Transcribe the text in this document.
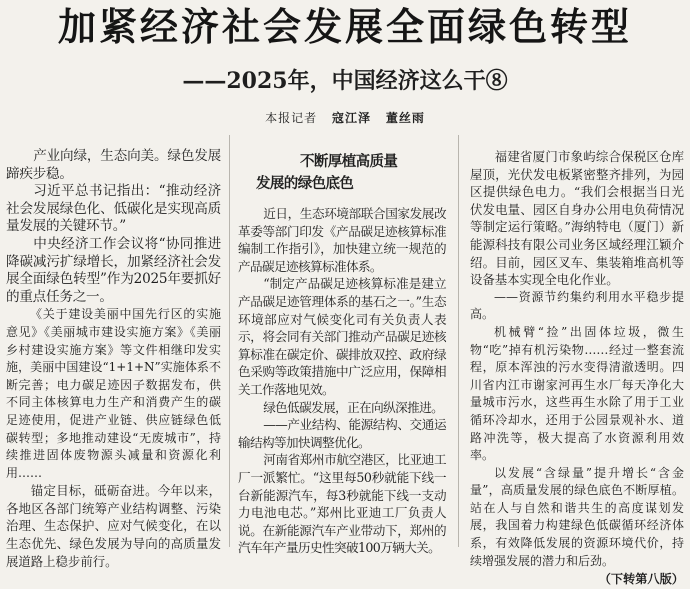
加紧经济社会发展全面绿色转型
——2025年，中国经济这么干⑧
本报记者 寇江泽 董丝雨

产业向绿，生态向美。绿色发展蹄疾步稳。

习近平总书记指出：“推动经济社会发展绿色化、低碳化是实现高质量发展的关键环节。”

中央经济工作会议将“协同推进降碳减污扩绿增长，加紧经济社会发展全面绿色转型”作为2025年要抓好的重点任务之一。

《关于建设美丽中国先行区的实施意见》《美丽城市建设实施方案》《美丽乡村建设实施方案》等文件相继印发实施，美丽中国建设“1+1+N”实施体系不断完善；电力碳足迹因子数据发布，供不同主体核算电力生产和消费产生的碳足迹使用，促进产业链、供应链绿色低碳转型；多地推动建设“无废城市”，持续推进固体废物源头减量和资源化利用……

锚定目标，砥砺奋进。今年以来，各地区各部门统筹产业结构调整、污染治理、生态保护、应对气候变化，在以生态优先、绿色发展为导向的高质量发展道路上稳步前行。

不断厚植高质量
发展的绿色底色

近日，生态环境部联合国家发展改革委等部门印发《产品碳足迹核算标准编制工作指引》，加快建立统一规范的产品碳足迹核算标准体系。

“制定产品碳足迹核算标准是建立产品碳足迹管理体系的基石之一。”生态环境部应对气候变化司有关负责人表示，将会同有关部门推动产品碳足迹核算标准在碳定价、碳排放双控、政府绿色采购等政策措施中广泛应用，保障相关工作落地见效。

绿色低碳发展，正在向纵深推进。

——产业结构、能源结构、交通运输结构等加快调整优化。

河南省郑州市航空港区，比亚迪工厂一派繁忙。“这里每50秒就能下线一台新能源汽车，每3秒就能下线一支动力电池电芯。”郑州比亚迪工厂负责人说。在新能源汽车产业带动下，郑州的汽车年产量历史性突破100万辆大关。

福建省厦门市象屿综合保税区仓库屋顶，光伏发电板紧密整齐排列，为园区提供绿色电力。“我们会根据当日光伏发电量、园区自身办公用电负荷情况等制定运行策略。”海纳特电（厦门）新能源科技有限公司业务区域经理江颖介绍。目前，园区叉车、集装箱堆高机等设备基本实现全电化作业。

——资源节约集约利用水平稳步提高。

机械臂“捡”出固体垃圾，微生物“吃”掉有机污染物……经过一整套流程，原本浑浊的污水变得清澈透明。四川省内江市谢家河再生水厂每天净化大量城市污水，这些再生水除了用于工业循环冷却水，还用于公园景观补水、道路冲洗等，极大提高了水资源利用效率。

以发展“含绿量”提升增长“含金量”，高质量发展的绿色底色不断厚植。站在人与自然和谐共生的高度谋划发展，我国着力构建绿色低碳循环经济体系，有效降低发展的资源环境代价，持续增强发展的潜力和后劲。

（下转第八版）
